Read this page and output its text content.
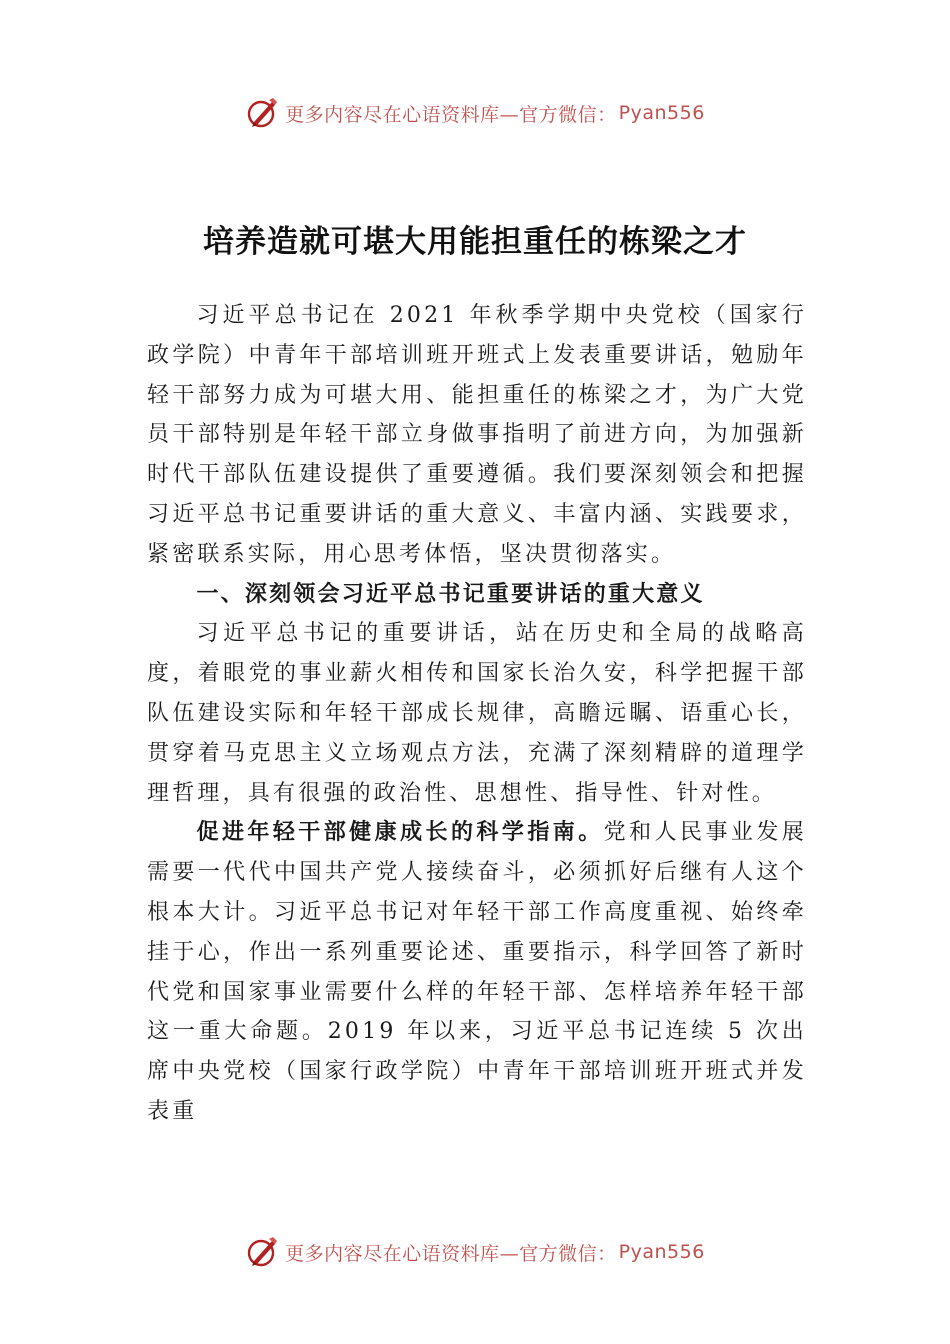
更多内容尽在心语资料库—官方微信： Pyan556
培养造就可堪大用能担重任的栋梁之才

习近平总书记在 2021 年秋季学期中央党校（国家行政学院）中青年干部培训班开班式上发表重要讲话，勉励年轻干部努力成为可堪大用、能担重任的栋梁之才，为广大党员干部特别是年轻干部立身做事指明了前进方向，为加强新时代干部队伍建设提供了重要遵循。我们要深刻领会和把握习近平总书记重要讲话的重大意义、丰富内涵、实践要求，紧密联系实际，用心思考体悟，坚决贯彻落实。

一、深刻领会习近平总书记重要讲话的重大意义

习近平总书记的重要讲话，站在历史和全局的战略高度，着眼党的事业薪火相传和国家长治久安，科学把握干部队伍建设实际和年轻干部成长规律，高瞻远瞩、语重心长，贯穿着马克思主义立场观点方法，充满了深刻精辟的道理学理哲理，具有很强的政治性、思想性、指导性、针对性。

促进年轻干部健康成长的科学指南。党和人民事业发展需要一代代中国共产党人接续奋斗，必须抓好后继有人这个根本大计。习近平总书记对年轻干部工作高度重视、始终牵挂于心，作出一系列重要论述、重要指示，科学回答了新时代党和国家事业需要什么样的年轻干部、怎样培养年轻干部这一重大命题。2019 年以来，习近平总书记连续 5 次出席中央党校（国家行政学院）中青年干部培训班开班式并发表重

更多内容尽在心语资料库—官方微信： Pyan556
